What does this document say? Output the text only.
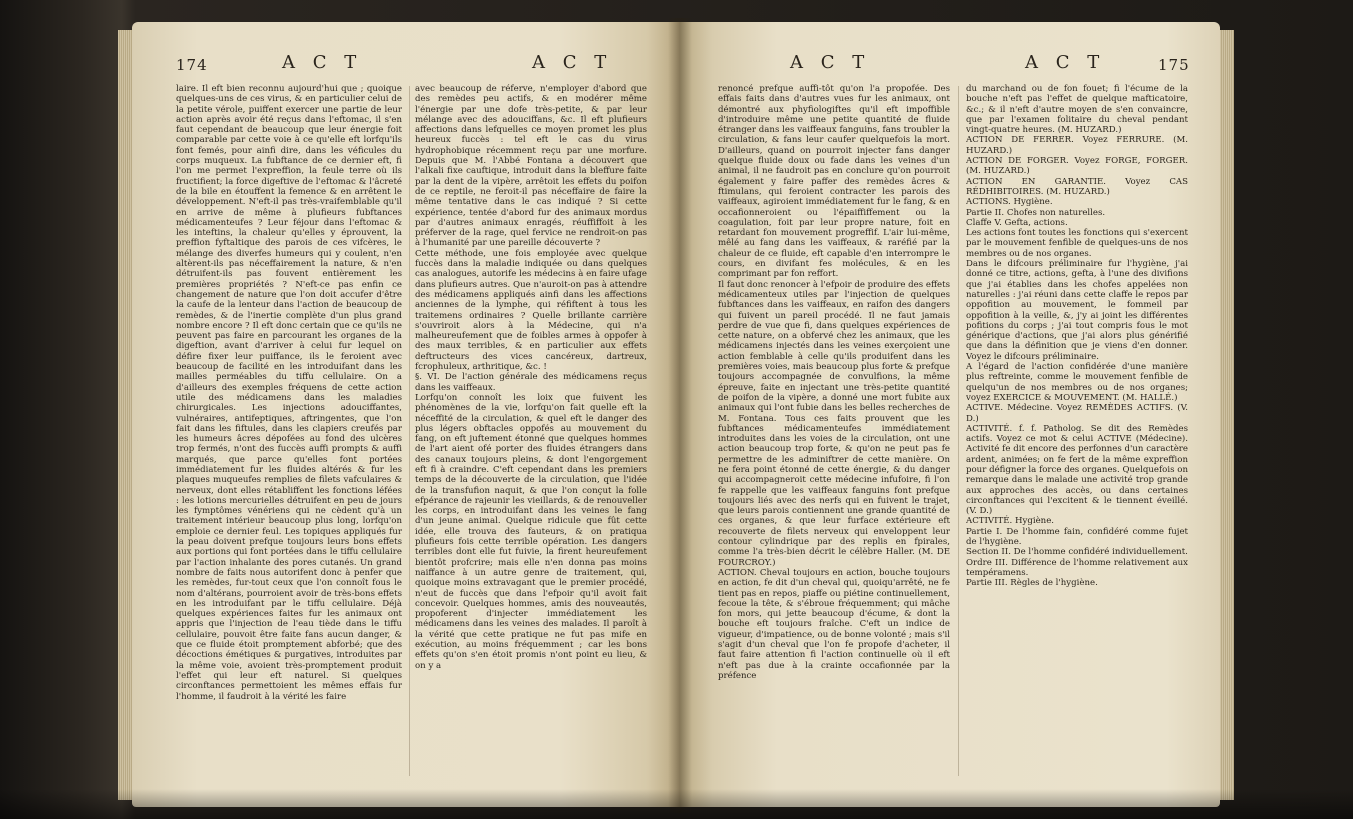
174	A C T	A C T
laire. Il eft bien reconnu aujourd'hui que ; quoique quelques-uns de ces virus, & en particulier celui de la petite vérole, puiffent exercer une partie de leur action après avoir été reçus dans l'eftomac, il s'en faut cependant de beaucoup que leur énergie foit comparable par cette voie à ce qu'elle eft lorfqu'ils font femés, pour ainfi dire, dans les véficules du corps muqueux. La fubftance de ce dernier eft, fi l'on me permet l'expreffion, la feule terre où ils fructifient; la force digeftive de l'eftomac & l'âcreté de la bile en étouffent la femence & en arrêtent le développement. N'eft-il pas très-vraifemblable qu'il en arrive de même à plufieurs fubftances médicamenteufes ? Leur féjour dans l'eftomac & les inteftins, la chaleur qu'elles y éprouvent, la preffion fyftaltique des parois de ces vifcères, le mélange des diverfes humeurs qui y coulent, n'en altèrent-ils pas néceffairement la nature, & n'en détruifent-ils pas fouvent entièrement les premières propriétés ? N'eft-ce pas enfin ce changement de nature que l'on doit accufer d'être la caufe de la lenteur dans l'action de beaucoup de remèdes, & de l'inertie complète d'un plus grand nombre encore ? Il eft donc certain que ce qu'ils ne peuvent pas faire en parcourant les organes de la digeftion, avant d'arriver à celui fur lequel on défire fixer leur puiffance, ils le feroient avec beaucoup de facilité en les introduifant dans les mailles perméables du tiffu cellulaire. On a d'ailleurs des exemples fréquens de cette action utile des médicamens dans les maladies chirurgicales. Les injections adouciffantes, vulnéraires, antifeptiques, aftringentes, que l'on fait dans les fiftules, dans les clapiers creufés par les humeurs âcres dépofées au fond des ulcères trop fermés, n'ont des fuccès auffi prompts & auffi marqués, que parce qu'elles font portées immédiatement fur les fluides altérés & fur les plaques muqueufes remplies de filets vafculaires & nerveux, dont elles rétabliffent les fonctions léfées : les lotions mercurielles détruifent en peu de jours les fymptômes vénériens qui ne cèdent qu'à un traitement intérieur beaucoup plus long, lorfqu'on emploie ce dernier feul. Les topiques appliqués fur la peau doivent prefque toujours leurs bons effets aux portions qui font portées dans le tiffu cellulaire par l'action inhalante des pores cutanés. Un grand nombre de faits nous autorifent donc à penfer que les remèdes, fur-tout ceux que l'on connoît fous le nom d'altérans, pourroient avoir de très-bons effets en les introduifant par le tiffu cellulaire. Déjà quelques expériences faites fur les animaux ont appris que l'injection de l'eau tiède dans le tiffu cellulaire, pouvoit être faite fans aucun danger, & que ce fluide étoit promptement abforbé; que des décoctions émétiques & purgatives, introduites par la même voie, avoient très-promptement produit l'effet qui leur eft naturel. Si quelques circonftances permettoient les mêmes effais fur l'homme, il faudroit à la vérité les faire
avec beaucoup de réferve, n'employer d'abord que des remèdes peu actifs, & en modérer même l'énergie par une dofe très-petite, & par leur mélange avec des adouciffans, &c. Il eft plufieurs affections dans lefquelles ce moyen promet les plus heureux fuccès : tel eft le cas du virus hydrophobique récemment reçu par une morfure. Depuis que M. l'Abbé Fontana a découvert que l'alkali fixe cauftique, introduit dans la bleffure faite par la dent de la vipère, arrêtoit les effets du poifon de ce reptile, ne feroit-il pas néceffaire de faire la même tentative dans le cas indiqué ? Si cette expérience, tentée d'abord fur des animaux mordus par d'autres animaux enragés, réuffiffoit à les préferver de la rage, quel fervice ne rendroit-on pas à l'humanité par une pareille découverte ?
Cette méthode, une fois employée avec quelque fuccès dans la maladie indiquée ou dans quelques cas analogues, autorife les médecins à en faire ufage dans plufieurs autres. Que n'auroit-on pas à attendre des médicamens appliqués ainfi dans les affections anciennes de la lymphe, qui réfiftent à tous les traitemens ordinaires ? Quelle brillante carrière s'ouvriroit alors à la Médecine, qui n'a malheureufement que de foibles armes à oppofer à des maux terribles, & en particulier aux effets deftructeurs des vices cancéreux, dartreux, fcrophuleux, arthritique, &c. !
§. VI. De l'action générale des médicamens reçus dans les vaiffeaux.
Lorfqu'on connoît les loix que fuivent les phénomènes de la vie, lorfqu'on fait quelle eft la néceffité de la circulation, & quel eft le danger des plus légers obftacles oppofés au mouvement du fang, on eft juftement étonné que quelques hommes de l'art aient ofé porter des fluides étrangers dans des canaux toujours pleins, & dont l'engorgement eft fi à craindre. C'eft cependant dans les premiers temps de la découverte de la circulation, que l'idée de la transfufion naquit, & que l'on conçut la folle efpérance de rajeunir les vieillards, & de renouveller les corps, en introduifant dans les veines le fang d'un jeune animal. Quelque ridicule que fût cette idée, elle trouva des fauteurs, & on pratiqua plufieurs fois cette terrible opération. Les dangers terribles dont elle fut fuivie, la firent heureufement bientôt profcrire; mais elle n'en donna pas moins naiffance à un autre genre de traitement, qui, quoique moins extravagant que le premier procédé, n'eut de fuccès que dans l'efpoir qu'il avoit fait concevoir. Quelques hommes, amis des nouveautés, propoferent d'injecter immédiatement les médicamens dans les veines des malades. Il paroît à la vérité que cette pratique ne fut pas mife en exécution, au moins fréquemment ; car les bons effets qu'on s'en étoit promis n'ont point eu lieu, & on y a
A C T	A C T	175
renoncé prefque auffi-tôt qu'on l'a propofée. Des effais faits dans d'autres vues fur les animaux, ont démontré aux phyfiologiftes qu'il eft impoffible d'introduire même une petite quantité de fluide étranger dans les vaiffeaux fanguins, fans troubler la circulation, & fans leur caufer quelquefois la mort. D'ailleurs, quand on pourroit injecter fans danger quelque fluide doux ou fade dans les veines d'un animal, il ne faudroit pas en conclure qu'on pourroit également y faire paffer des remèdes âcres & ftimulans, qui feroient contracter les parois des vaiffeaux, agiroient immédiatement fur le fang, & en occafionneroient ou l'épaiffiffement ou la coagulation, foit par leur propre nature, foit en retardant fon mouvement progreffif. L'air lui-même, mêlé au fang dans les vaiffeaux, & raréfié par la chaleur de ce fluide, eft capable d'en interrompre le cours, en divifant fes molécules, & en les comprimant par fon reffort.
Il faut donc renoncer à l'efpoir de produire des effets médicamenteux utiles par l'injection de quelques fubftances dans les vaiffeaux, en raifon des dangers qui fuivent un pareil procédé. Il ne faut jamais perdre de vue que fi, dans quelques expériences de cette nature, on a obfervé chez les animaux, que les médicamens injectés dans les veines exerçoient une action femblable à celle qu'ils produifent dans les premières voies, mais beaucoup plus forte & prefque toujours accompagnée de convulfions, la même épreuve, faite en injectant une très-petite quantité de poifon de la vipère, a donné une mort fubite aux animaux qui l'ont fubie dans les belles recherches de M. Fontana. Tous ces faits prouvent que les fubftances médicamenteufes immédiatement introduites dans les voies de la circulation, ont une action beaucoup trop forte, & qu'on ne peut pas fe permettre de les adminiftrer de cette manière. On ne fera point étonné de cette énergie, & du danger qui accompagneroit cette médecine infufoire, fi l'on fe rappelle que les vaiffeaux fanguins font prefque toujours liés avec des nerfs qui en fuivent le trajet, que leurs parois contiennent une grande quantité de ces organes, & que leur furface extérieure eft recouverte de filets nerveux qui enveloppent leur contour cylindrique par des replis en fpirales, comme l'a très-bien décrit le célèbre Haller. (M. DE FOURCROY.)
ACTION. Cheval toujours en action, bouche toujours en action, fe dit d'un cheval qui, quoiqu'arrêté, ne fe tient pas en repos, piaffe ou piétine continuellement, fecoue la tête, & s'ébroue fréquemment; qui mâche fon mors, qui jette beaucoup d'écume, & dont la bouche eft toujours fraîche. C'eft un indice de vigueur, d'impatience, ou de bonne volonté ; mais s'il s'agit d'un cheval que l'on fe propofe d'acheter, il faut faire attention fi l'action continuelle où il eft n'eft pas due à la crainte occafionnée par la préfence
du marchand ou de fon fouet; fi l'écume de la bouche n'eft pas l'effet de quelque mafticatoire, &c.; & il n'eft d'autre moyen de s'en convaincre, que par l'examen folitaire du cheval pendant vingt-quatre heures. (M. HUZARD.)
ACTION DE FERRER. Voyez FERRURE. (M. HUZARD.)
ACTION DE FORGER. Voyez FORGE, FORGER. (M. HUZARD.)
ACTION EN GARANTIE. Voyez CAS RÉDHIBITOIRES. (M. HUZARD.)
ACTIONS. Hygiène.
Partie II. Chofes non naturelles.
Claffe V. Gefta, actions.
Les actions font toutes les fonctions qui s'exercent par le mouvement fenfible de quelques-uns de nos membres ou de nos organes.
Dans le difcours préliminaire fur l'hygiène, j'ai donné ce titre, actions, gefta, à l'une des divifions que j'ai établies dans les chofes appelées non naturelles : j'ai réuni dans cette claffe le repos par oppofition au mouvement, le fommeil par oppofition à la veille, &, j'y ai joint les différentes pofitions du corps ; j'ai tout compris fous le mot générique d'actions, que j'ai alors plus générifié que dans la définition que je viens d'en donner. Voyez le difcours préliminaire.
A l'égard de l'action confidérée d'une manière plus reftreinte, comme le mouvement fenfible de quelqu'un de nos membres ou de nos organes; voyez EXERCICE & MOUVEMENT. (M. HALLÉ.)
ACTIVE. Médecine. Voyez REMÈDES ACTIFS. (V. D.)
ACTIVITÉ. f. f. Patholog. Se dit des Remèdes actifs. Voyez ce mot & celui ACTIVE (Médecine). Activité fe dit encore des perfonnes d'un caractère ardent, animées; on fe fert de la même expreffion pour défigner la force des organes. Quelquefois on remarque dans le malade une activité trop grande aux approches des accès, ou dans certaines circonftances qui l'excitent & le tiennent éveillé. (V. D.)
ACTIVITÉ. Hygiène.
Partie I. De l'homme fain, confidéré comme fujet de l'hygiène.
Section II. De l'homme confidéré individuellement.
Ordre III. Différence de l'homme relativement aux tempéramens.
Partie III. Règles de l'hygiène.
